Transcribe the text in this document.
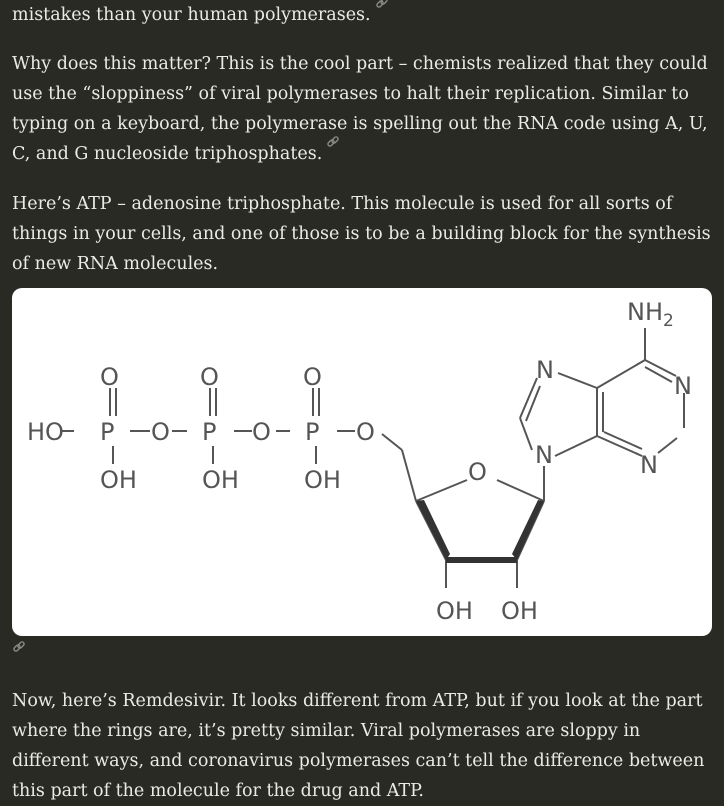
mistakes than your human polymerases.

Why does this matter? This is the cool part – chemists realized that they could use the “sloppiness” of viral polymerases to halt their replication. Similar to typing on a keyboard, the polymerase is spelling out the RNA code using A, U, C, and G nucleoside triphosphates.

Here’s ATP – adenosine triphosphate. This molecule is used for all sorts of things in your cells, and one of those is to be a building block for the synthesis of new RNA molecules.

HO
O
P O
OH
O
P O
OH
O
P O
OH	O
OH OH
N
N
N
N
$NH_2$

Now, here’s Remdesivir. It looks different from ATP, but if you look at the part where the rings are, it’s pretty similar. Viral polymerases are sloppy in different ways, and coronavirus polymerases can’t tell the difference between this part of the molecule for the drug and ATP.
